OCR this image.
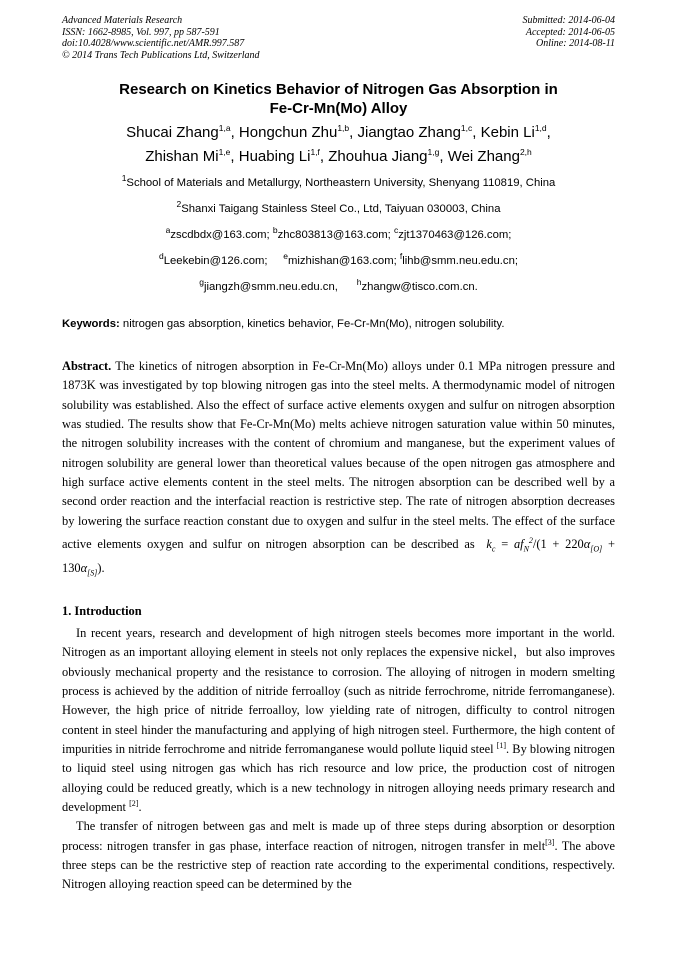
Advanced Materials Research
ISSN: 1662-8985, Vol. 997, pp 587-591
doi:10.4028/www.scientific.net/AMR.997.587
© 2014 Trans Tech Publications Ltd, Switzerland
Submitted: 2014-06-04
Accepted: 2014-06-05
Online: 2014-08-11
Research on Kinetics Behavior of Nitrogen Gas Absorption in
Fe-Cr-Mn(Mo) Alloy
Shucai Zhang$^{1,a}$, Hongchun Zhu$^{1,b}$, Jiangtao Zhang$^{1,c}$, Kebin Li$^{1,d}$,
Zhishan Mi$^{1,e}$, Huabing Li$^{1,f}$, Zhouhua Jiang$^{1,g}$, Wei Zhang$^{2,h}$
$^1$School of Materials and Metallurgy, Northeastern University, Shenyang 110819, China
$^2$Shanxi Taigang Stainless Steel Co., Ltd, Taiyuan 030003, China
$^a$zscdbdx@163.com; $^b$zhc803813@163.com; $^c$zjt1370463@126.com;
$^d$Leekebin@126.com;     $^e$mizhishan@163.com; $^f$lihb@smm.neu.edu.cn;
$^g$jiangzh@smm.neu.edu.cn,      $^h$zhangw@tisco.com.cn.
Keywords: nitrogen gas absorption, kinetics behavior, Fe-Cr-Mn(Mo), nitrogen solubility.
Abstract. The kinetics of nitrogen absorption in Fe-Cr-Mn(Mo) alloys under 0.1 MPa nitrogen pressure and 1873K was investigated by top blowing nitrogen gas into the steel melts. A thermodynamic model of nitrogen solubility was established. Also the effect of surface active elements oxygen and sulfur on nitrogen absorption was studied. The results show that Fe-Cr-Mn(Mo) melts achieve nitrogen saturation value within 50 minutes, the nitrogen solubility increases with the content of chromium and manganese, but the experiment values of nitrogen solubility are general lower than theoretical values because of the open nitrogen gas atmosphere and high surface active elements content in the steel melts. The nitrogen absorption can be described well by a second order reaction and the interfacial reaction is restrictive step. The rate of nitrogen absorption decreases by lowering the surface reaction constant due to oxygen and sulfur in the steel melts. The effect of the surface active elements oxygen and sulfur on nitrogen absorption can be described as $k_c = af_N^2/(1 + 220\alpha_{[O]} + 130\alpha_{[S]})$.
1. Introduction

In recent years, research and development of high nitrogen steels becomes more important in the world. Nitrogen as an important alloying element in steels not only replaces the expensive nickel，but also improves obviously mechanical property and the resistance to corrosion. The alloying of nitrogen in modern smelting process is achieved by the addition of nitride ferroalloy (such as nitride ferrochrome, nitride ferromanganese). However, the high price of nitride ferroalloy, low yielding rate of nitrogen, difficulty to control nitrogen content in steel hinder the manufacturing and applying of high nitrogen steel. Furthermore, the high content of impurities in nitride ferrochrome and nitride ferromanganese would pollute liquid steel [1]. By blowing nitrogen to liquid steel using nitrogen gas which has rich resource and low price, the production cost of nitrogen alloying could be reduced greatly, which is a new technology in nitrogen alloying needs primary research and development [2].

The transfer of nitrogen between gas and melt is made up of three steps during absorption or desorption process: nitrogen transfer in gas phase, interface reaction of nitrogen, nitrogen transfer in melt[3]. The above three steps can be the restrictive step of reaction rate according to the experimental conditions, respectively. Nitrogen alloying reaction speed can be determined by the
